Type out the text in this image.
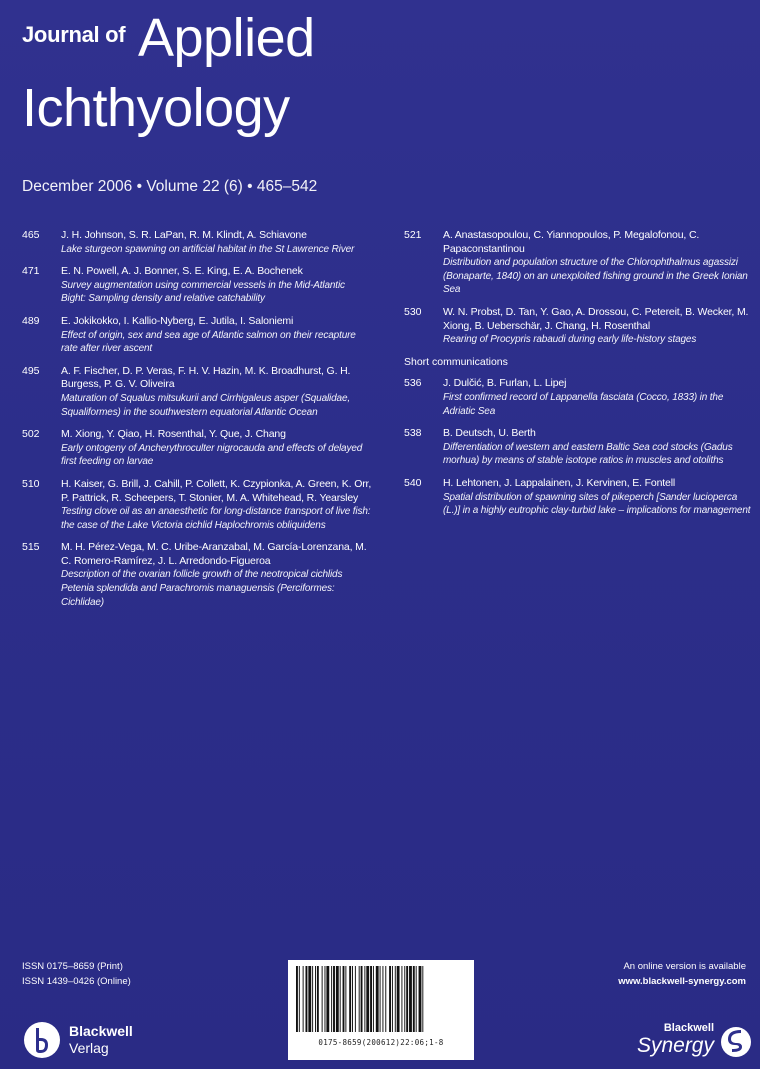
Journal of Applied
Ichthyology
December 2006 • Volume 22 (6) • 465–542
465 J. H. Johnson, S. R. LaPan, R. M. Klindt, A. Schiavone
Lake sturgeon spawning on artificial habitat in the St Lawrence River
471 E. N. Powell, A. J. Bonner, S. E. King, E. A. Bochenek
Survey augmentation using commercial vessels in the Mid-Atlantic Bight: Sampling density and relative catchability
489 E. Jokikokko, I. Kallio-Nyberg, E. Jutila, I. Saloniemi
Effect of origin, sex and sea age of Atlantic salmon on their recapture rate after river ascent
495 A. F. Fischer, D. P. Veras, F. H. V. Hazin, M. K. Broadhurst, G. H. Burgess, P. G. V. Oliveira
Maturation of Squalus mitsukurii and Cirrhigaleus asper (Squalidae, Squaliformes) in the southwestern equatorial Atlantic Ocean
502 M. Xiong, Y. Qiao, H. Rosenthal, Y. Que, J. Chang
Early ontogeny of Ancherythroculter nigrocauda and effects of delayed first feeding on larvae
510 H. Kaiser, G. Brill, J. Cahill, P. Collett, K. Czypionka, A. Green, K. Orr, P. Pattrick, R. Scheepers, T. Stonier, M. A. Whitehead, R. Yearsley
Testing clove oil as an anaesthetic for long-distance transport of live fish: the case of the Lake Victoria cichlid Haplochromis obliquidens
515 M. H. Pérez-Vega, M. C. Uribe-Aranzabal, M. García-Lorenzana, M. C. Romero-Ramírez, J. L. Arredondo-Figueroa
Description of the ovarian follicle growth of the neotropical cichlids Petenia splendida and Parachromis managuensis (Perciformes: Cichlidae)
521 A. Anastasopoulou, C. Yiannopoulos, P. Megalofonou, C. Papaconstantinou
Distribution and population structure of the Chlorophthalmus agassizi (Bonaparte, 1840) on an unexploited fishing ground in the Greek Ionian Sea
530 W. N. Probst, D. Tan, Y. Gao, A. Drossou, C. Petereit, B. Wecker, M. Xiong, B. Ueberschär, J. Chang, H. Rosenthal
Rearing of Procypris rabaudi during early life-history stages
Short communications
536 J. Dulčić, B. Furlan, L. Lipej
First confirmed record of Lappanella fasciata (Cocco, 1833) in the Adriatic Sea
538 B. Deutsch, U. Berth
Differentiation of western and eastern Baltic Sea cod stocks (Gadus morhua) by means of stable isotope ratios in muscles and otoliths
540 H. Lehtonen, J. Lappalainen, J. Kervinen, E. Fontell
Spatial distribution of spawning sites of pikeperch [Sander lucioperca (L.)] in a highly eutrophic clay-turbid lake – implications for management
ISSN 0175–8659 (Print)
ISSN 1439–0426 (Online)
An online version is available
www.blackwell-synergy.com
0175-8659(200612)22:06;1-8
Blackwell
Verlag
Blackwell
Synergy
